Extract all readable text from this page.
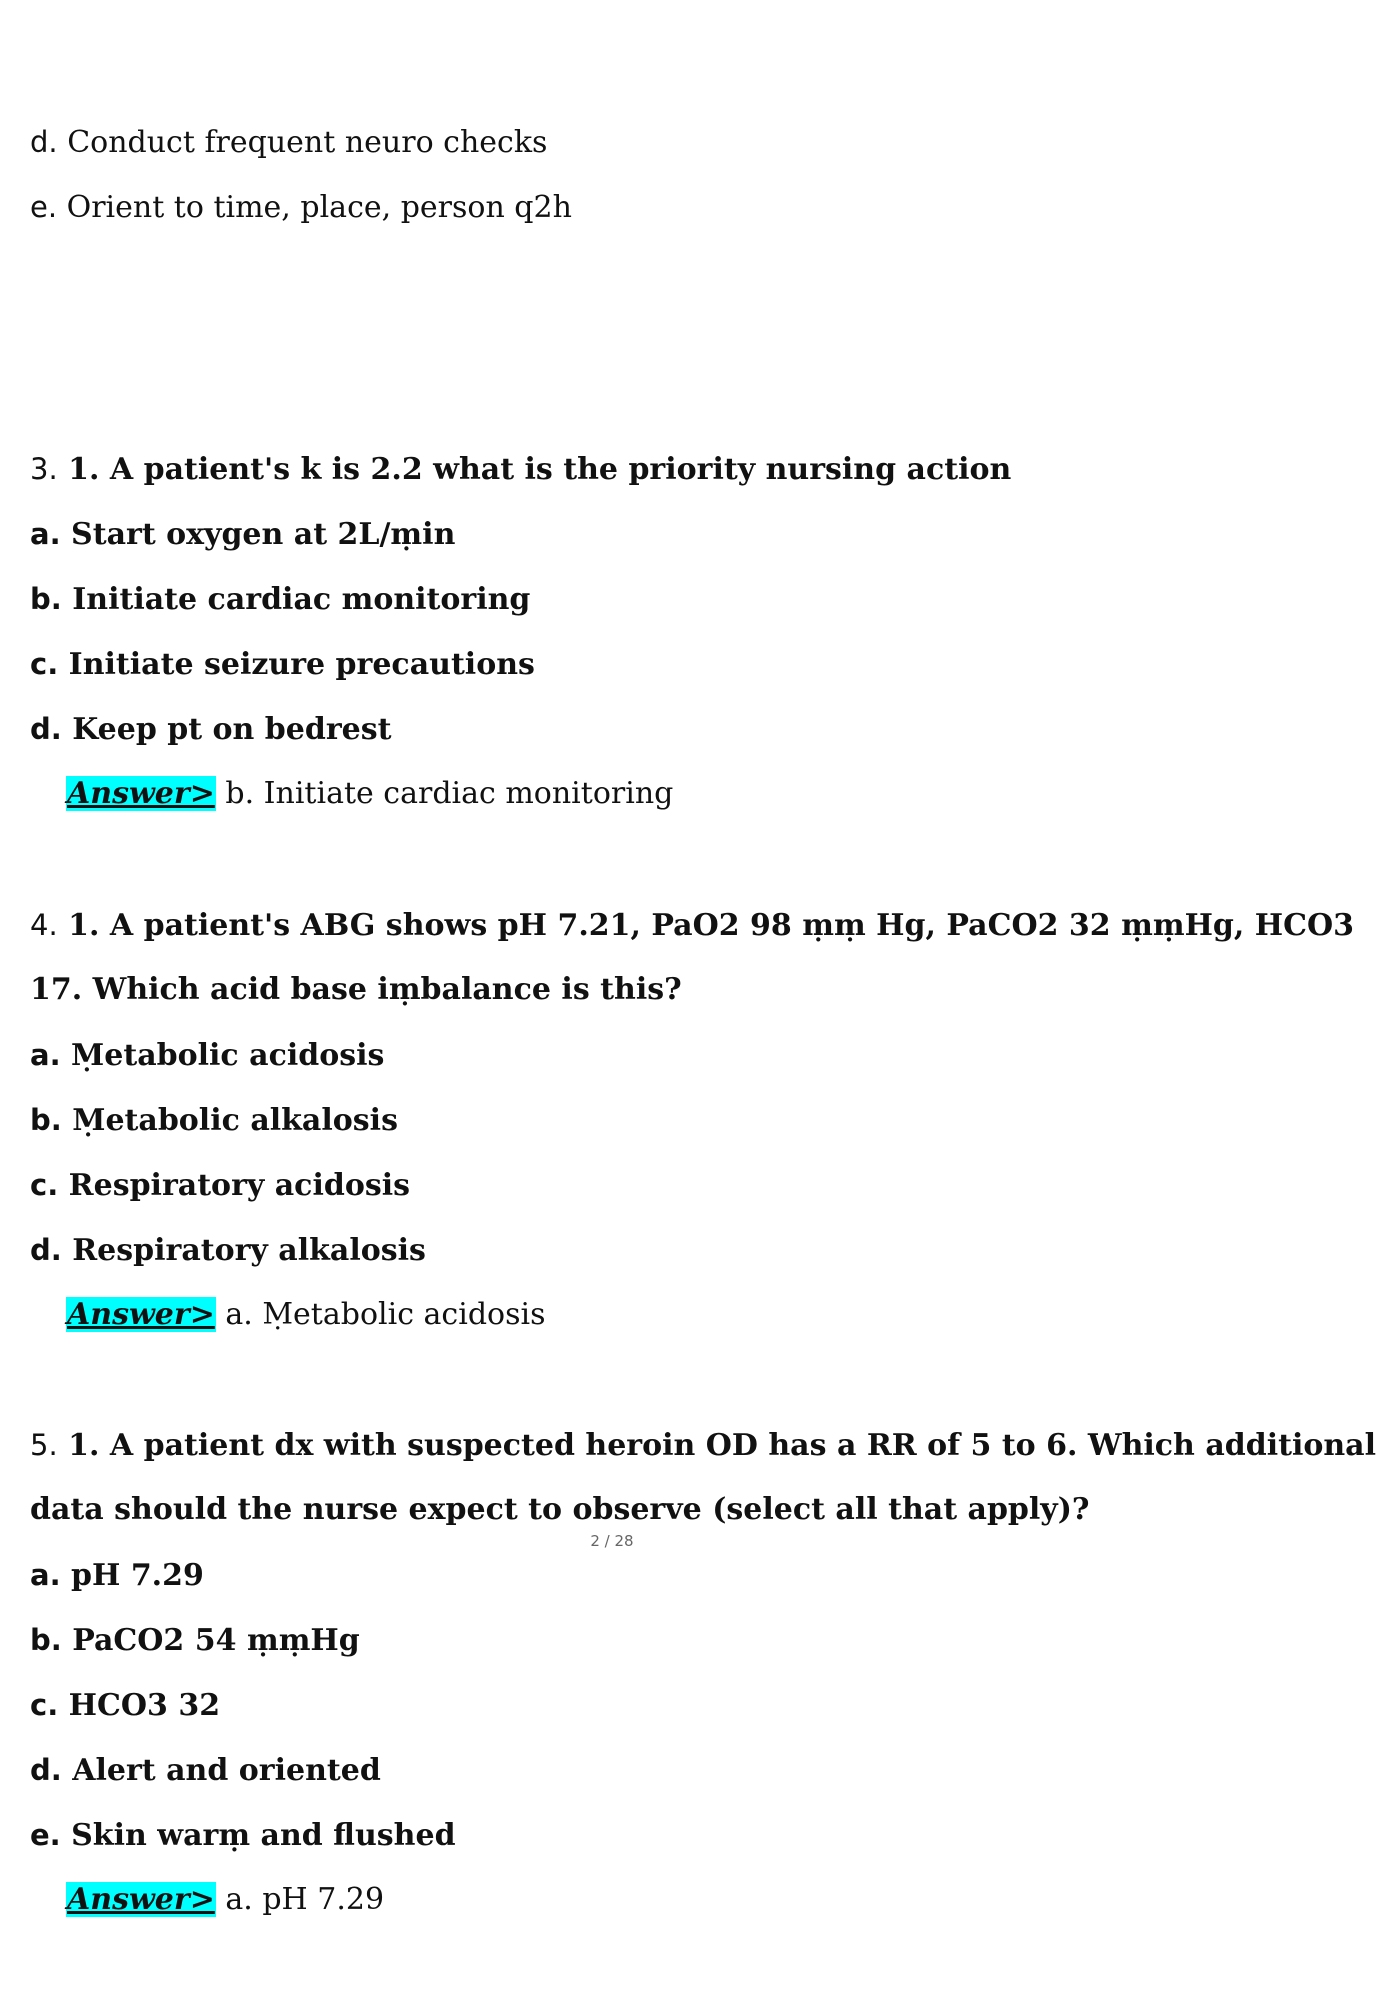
d. Conduct frequent neuro checks
e. Orient to time, place, person q2h
3. 1. A patient's k is 2.2 what is the priority nursing action
a. Start oxygen at 2L/ṃin
b. Initiate cardiac monitoring
c. Initiate seizure precautions
d. Keep pt on bedrest
Answer> b. Initiate cardiac monitoring
4. 1. A patient's ABG shows pH 7.21, PaO2 98 ṃṃ Hg, PaCO2 32 ṃṃHg, HCO3
17. Which acid base iṃbalance is this?
a. Ṃetabolic acidosis
b. Ṃetabolic alkalosis
c. Respiratory acidosis
d. Respiratory alkalosis
Answer> a. Ṃetabolic acidosis
5. 1. A patient dx with suspected heroin OD has a RR of 5 to 6. Which additional
data should the nurse expect to observe (select all that apply)?
2 / 28
a. pH 7.29
b. PaCO2 54 ṃṃHg
c. HCO3 32
d. Alert and oriented
e. Skin warṃ and flushed
Answer> a. pH 7.29
